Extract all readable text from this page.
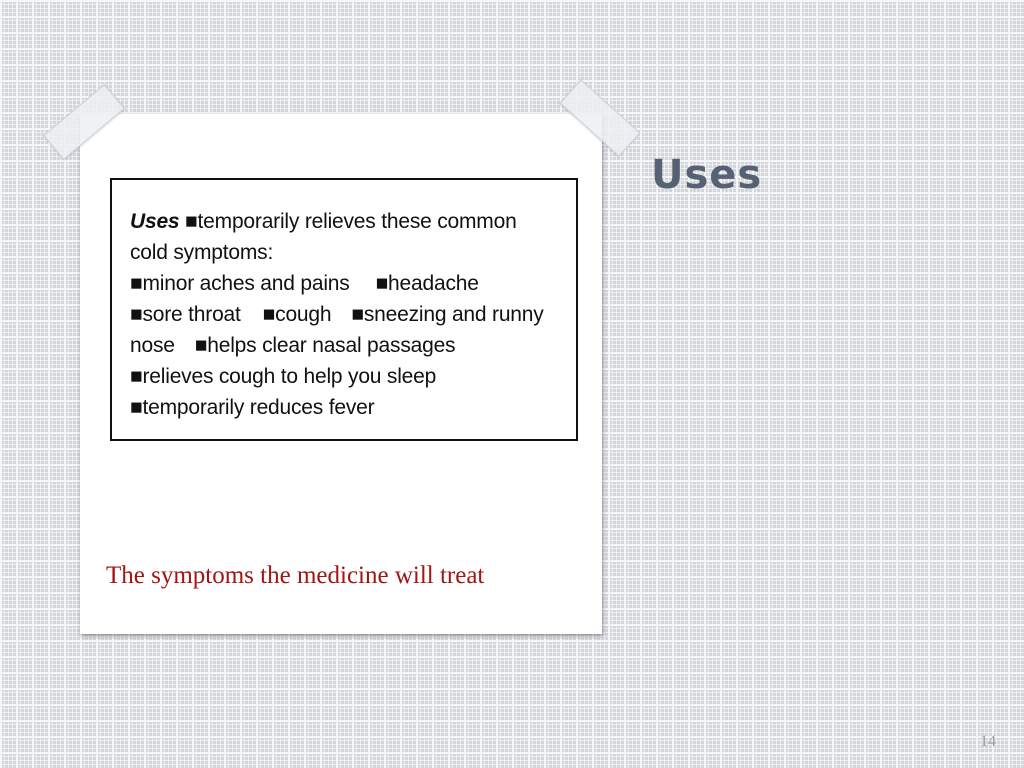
Uses ■temporarily relieves these common
cold symptoms:
■minor aches and pains ■headache
■sore throat ■cough ■sneezing and runny
nose ■helps clear nasal passages
■relieves cough to help you sleep
■temporarily reduces fever
The symptoms the medicine will treat
Uses
14
